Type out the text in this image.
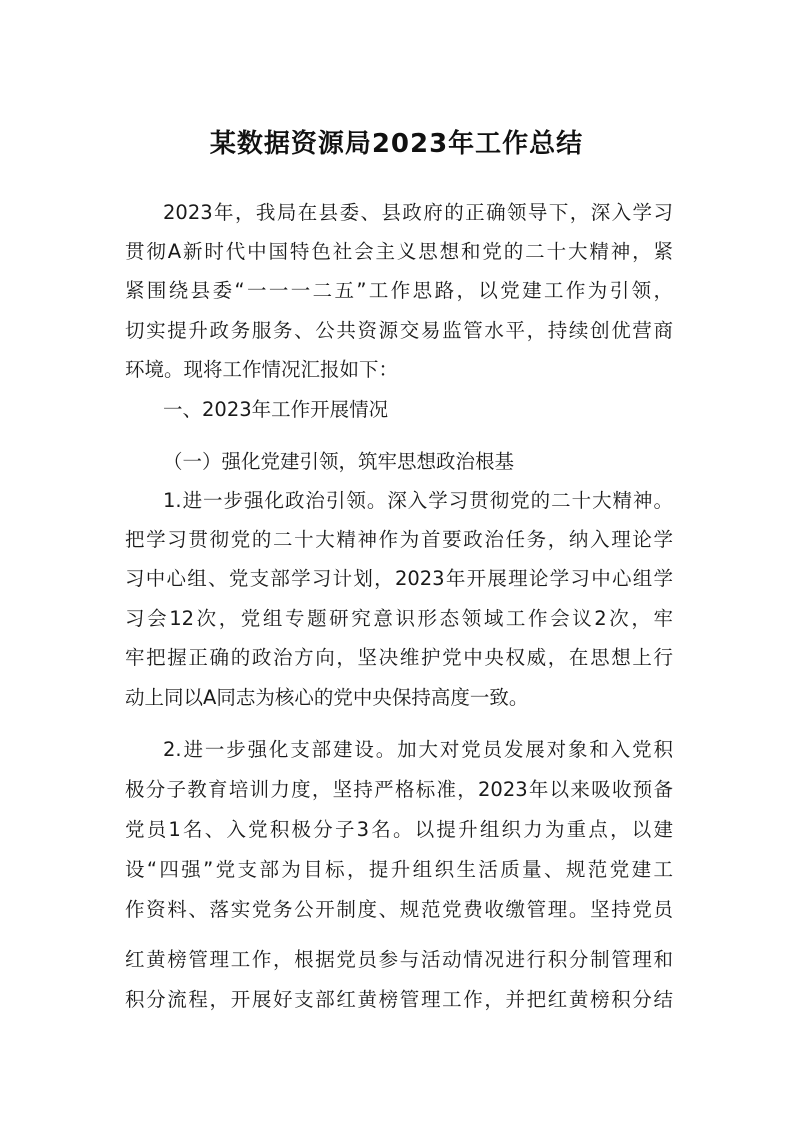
某数据资源局2023年工作总结

2023年，我局在县委、县政府的正确领导下，深入学习

贯彻A新时代中国特色社会主义思想和党的二十大精神，紧

紧围绕县委“一一一二五”工作思路，以党建工作为引领，

切实提升政务服务、公共资源交易监管水平，持续创优营商

环境。现将工作情况汇报如下：

一、2023年工作开展情况

（一）强化党建引领，筑牢思想政治根基

1.进一步强化政治引领。深入学习贯彻党的二十大精神。

把学习贯彻党的二十大精神作为首要政治任务，纳入理论学

习中心组、党支部学习计划，2023年开展理论学习中心组学

习会12次，党组专题研究意识形态领域工作会议2次，牢

牢把握正确的政治方向，坚决维护党中央权威，在思想上行

动上同以A同志为核心的党中央保持高度一致。

2.进一步强化支部建设。加大对党员发展对象和入党积

极分子教育培训力度，坚持严格标准，2023年以来吸收预备

党员1名、入党积极分子3名。以提升组织力为重点，以建

设“四强”党支部为目标，提升组织生活质量、规范党建工

作资料、落实党务公开制度、规范党费收缴管理。坚持党员

红黄榜管理工作，根据党员参与活动情况进行积分制管理和

积分流程，开展好支部红黄榜管理工作，并把红黄榜积分结
